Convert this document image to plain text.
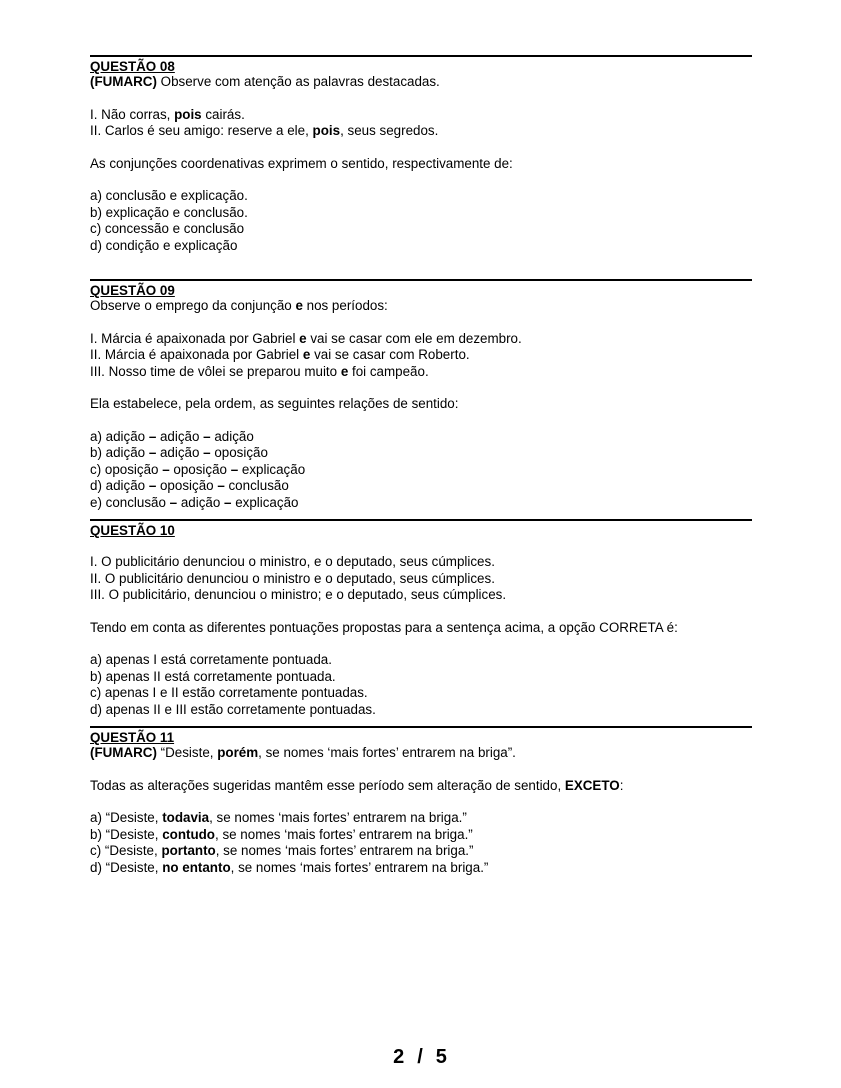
QUESTÃO 08
(FUMARC) Observe com atenção as palavras destacadas.
I. Não corras, pois cairás.
II. Carlos é seu amigo: reserve a ele, pois, seus segredos.
As conjunções coordenativas exprimem o sentido, respectivamente de:
a) conclusão e explicação.
b) explicação e conclusão.
c) concessão e conclusão
d) condição e explicação
QUESTÃO 09
Observe o emprego da conjunção e nos períodos:
I. Márcia é apaixonada por Gabriel e vai se casar com ele em dezembro.
II. Márcia é apaixonada por Gabriel e vai se casar com Roberto.
III. Nosso time de vôlei se preparou muito e foi campeão.
Ela estabelece, pela ordem, as seguintes relações de sentido:
a) adição – adição – adição
b) adição – adição – oposição
c) oposição – oposição – explicação
d) adição – oposição – conclusão
e) conclusão – adição – explicação
QUESTÃO 10
I. O publicitário denunciou o ministro, e o deputado, seus cúmplices.
II. O publicitário denunciou o ministro e o deputado, seus cúmplices.
III. O publicitário, denunciou o ministro; e o deputado, seus cúmplices.
Tendo em conta as diferentes pontuações propostas para a sentença acima, a opção CORRETA é:
a) apenas I está corretamente pontuada.
b) apenas II está corretamente pontuada.
c) apenas I e II estão corretamente pontuadas.
d) apenas II e III estão corretamente pontuadas.
QUESTÃO 11
(FUMARC) “Desiste, porém, se nomes ‘mais fortes’ entrarem na briga”.
Todas as alterações sugeridas mantêm esse período sem alteração de sentido, EXCETO:
a) “Desiste, todavia, se nomes ‘mais fortes’ entrarem na briga.”
b) “Desiste, contudo, se nomes ‘mais fortes’ entrarem na briga.”
c) “Desiste, portanto, se nomes ‘mais fortes’ entrarem na briga.”
d) “Desiste, no entanto, se nomes ‘mais fortes’ entrarem na briga.”
2 / 5
